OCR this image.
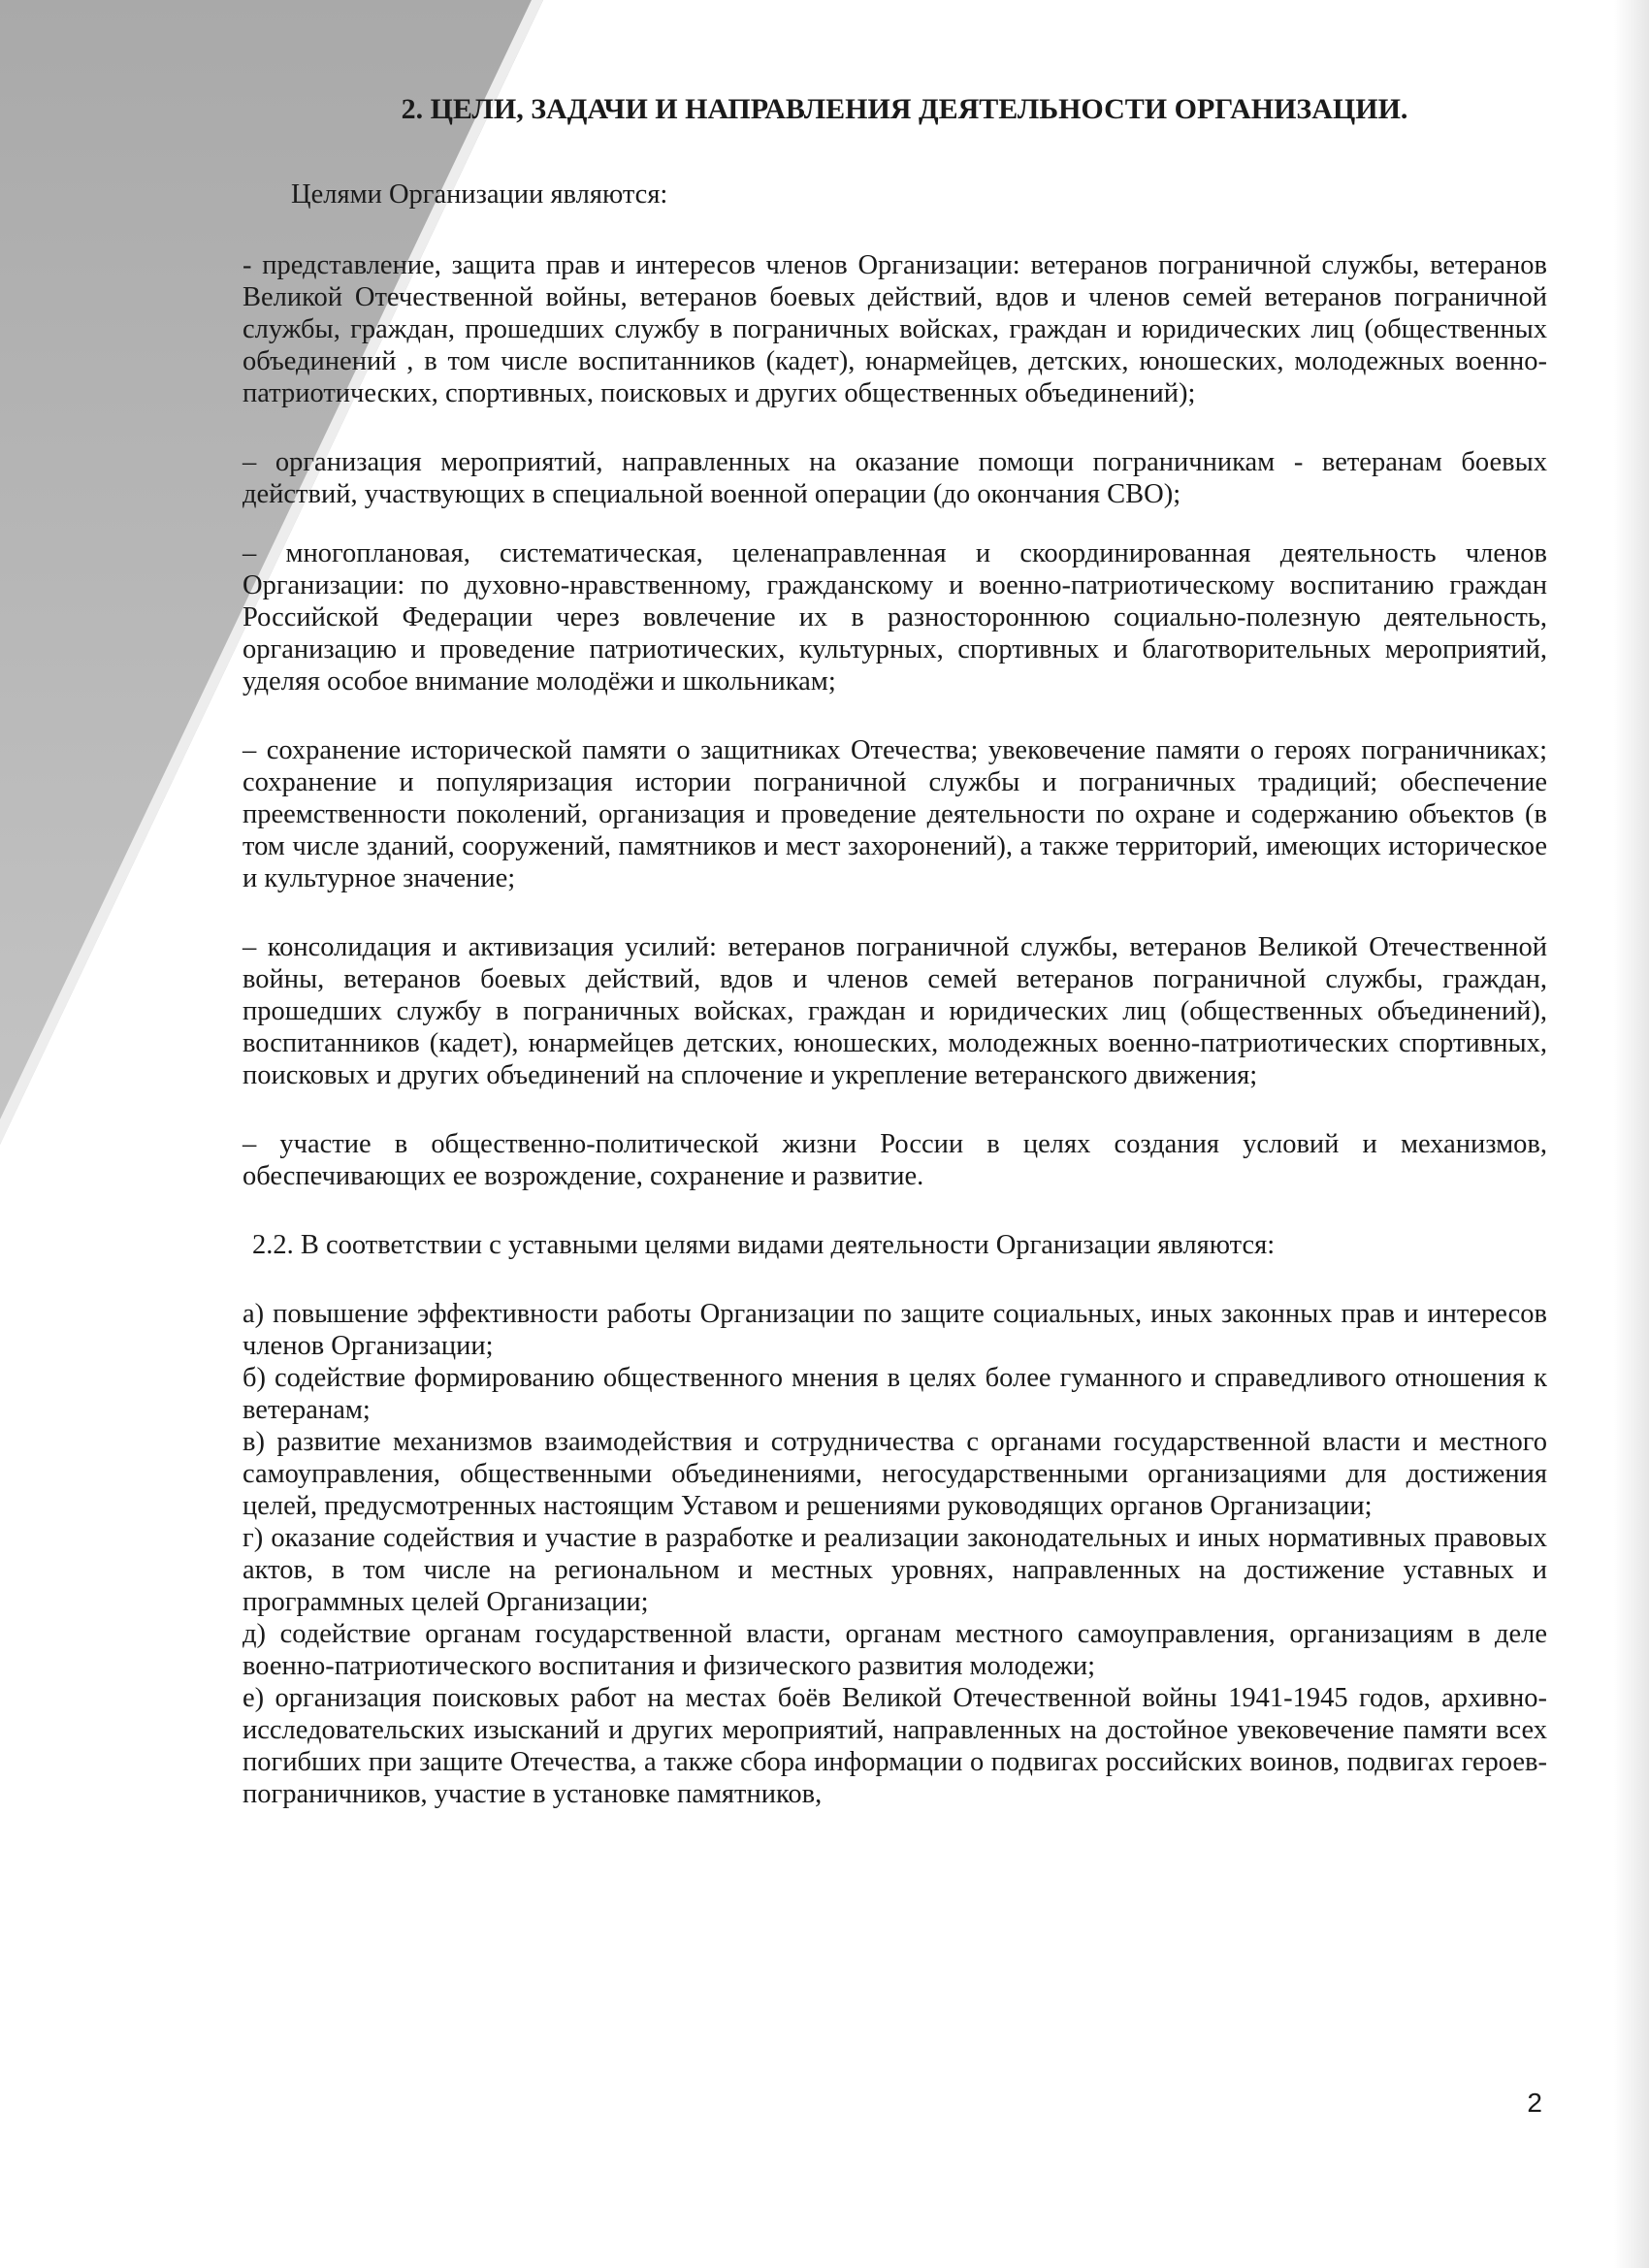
2. ЦЕЛИ, ЗАДАЧИ И НАПРАВЛЕНИЯ ДЕЯТЕЛЬНОСТИ ОРГАНИЗАЦИИ.

Целями Организации являются:

- представление, защита прав и интересов членов Организации: ветеранов пограничной службы, ветеранов Великой Отечественной войны, ветеранов боевых действий, вдов и членов семей ветеранов пограничной службы, граждан, прошедших службу в пограничных войсках, граждан и юридических лиц (общественных объединений , в том числе воспитанников (кадет), юнармейцев, детских, юношеских, молодежных военно-патриотических, спортивных, поисковых и других общественных объединений);

– организация мероприятий, направленных на оказание помощи пограничникам - ветеранам боевых действий, участвующих в специальной военной операции (до окончания СВО);

– многоплановая, систематическая, целенаправленная и скоординированная деятельность членов Организации: по духовно-нравственному, гражданскому и военно-патриотическому воспитанию граждан Российской Федерации через вовлечение их в разностороннюю социально-полезную деятельность, организацию и проведение патриотических, культурных, спортивных и благотворительных мероприятий, уделяя особое внимание молодёжи и школьникам;

– сохранение исторической памяти о защитниках Отечества; увековечение памяти о героях пограничниках; сохранение и популяризация истории пограничной службы и пограничных традиций; обеспечение преемственности поколений, организация и проведение деятельности по охране и содержанию объектов (в том числе зданий, сооружений, памятников и мест захоронений), а также территорий, имеющих историческое и культурное значение;

– консолидация и активизация усилий: ветеранов пограничной службы, ветеранов Великой Отечественной войны, ветеранов боевых действий, вдов и членов семей ветеранов пограничной службы, граждан, прошедших службу в пограничных войсках, граждан и юридических лиц (общественных объединений), воспитанников (кадет), юнармейцев детских, юношеских, молодежных военно-патриотических спортивных, поисковых и других объединений на сплочение и укрепление ветеранского движения;

– участие в общественно-политической жизни России в целях создания условий и механизмов, обеспечивающих ее возрождение, сохранение и развитие.

2.2. В соответствии с уставными целями видами деятельности Организации являются:

а) повышение эффективности работы Организации по защите социальных, иных законных прав и интересов членов Организации;

б) содействие формированию общественного мнения в целях более гуманного и справедливого отношения к ветеранам;

в) развитие механизмов взаимодействия и сотрудничества с органами государственной власти и местного самоуправления, общественными объединениями, негосударственными организациями для достижения целей, предусмотренных настоящим Уставом и решениями руководящих органов Организации;

г) оказание содействия и участие в разработке и реализации законодательных и иных нормативных правовых актов, в том числе на региональном и местных уровнях, направленных на достижение уставных и программных целей Организации;

д) содействие органам государственной власти, органам местного самоуправления, организациям в деле военно-патриотического воспитания и физического развития молодежи;

е) организация поисковых работ на местах боёв Великой Отечественной войны 1941-1945 годов, архивно-исследовательских изысканий и других мероприятий, направленных на достойное увековечение памяти всех погибших при защите Отечества, а также сбора информации о подвигах российских воинов, подвигах героев-пограничников, участие в установке памятников,

2
